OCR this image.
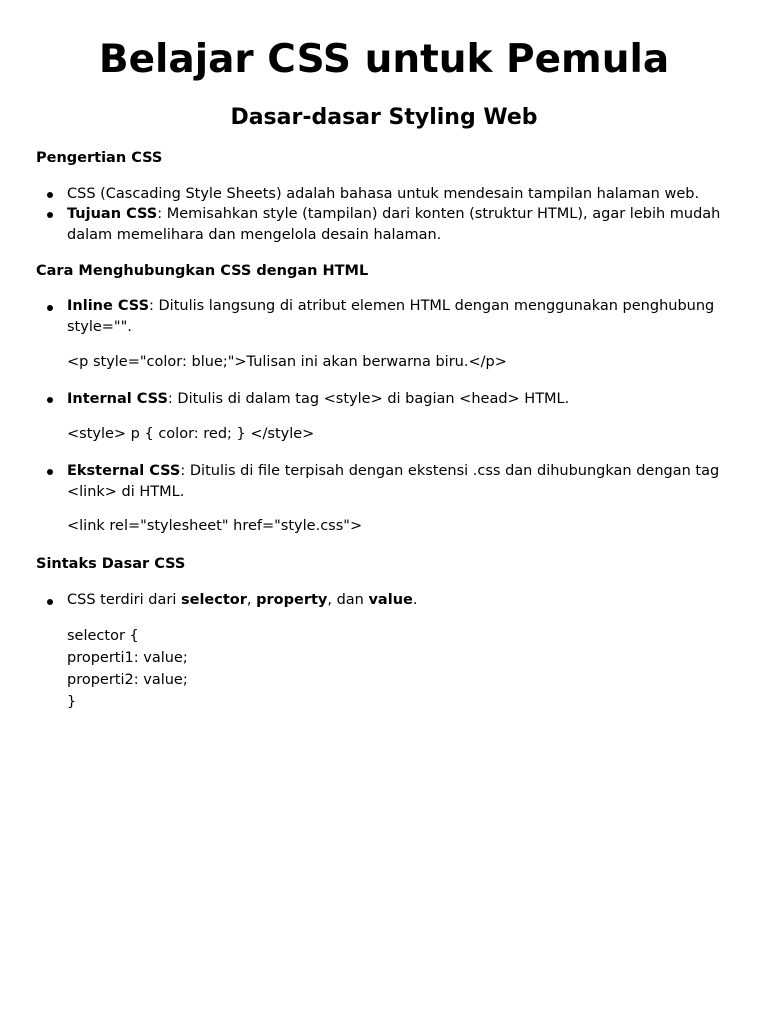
Belajar CSS untuk Pemula
Dasar-dasar Styling Web
Pengertian CSS
CSS (Cascading Style Sheets) adalah bahasa untuk mendesain tampilan halaman web.
Tujuan CSS: Memisahkan style (tampilan) dari konten (struktur HTML), agar lebih mudah
dalam memelihara dan mengelola desain halaman.
Cara Menghubungkan CSS dengan HTML
Inline CSS: Ditulis langsung di atribut elemen HTML dengan menggunakan penghubung
style="".
<p style="color: blue;">Tulisan ini akan berwarna biru.</p>
Internal CSS: Ditulis di dalam tag <style> di bagian <head> HTML.
<style> p { color: red; } </style>
Eksternal CSS: Ditulis di file terpisah dengan ekstensi .css dan dihubungkan dengan tag
<link> di HTML.
<link rel="stylesheet" href="style.css">
Sintaks Dasar CSS
CSS terdiri dari selector, property, dan value.
selector {
properti1: value;
properti2: value;
}
